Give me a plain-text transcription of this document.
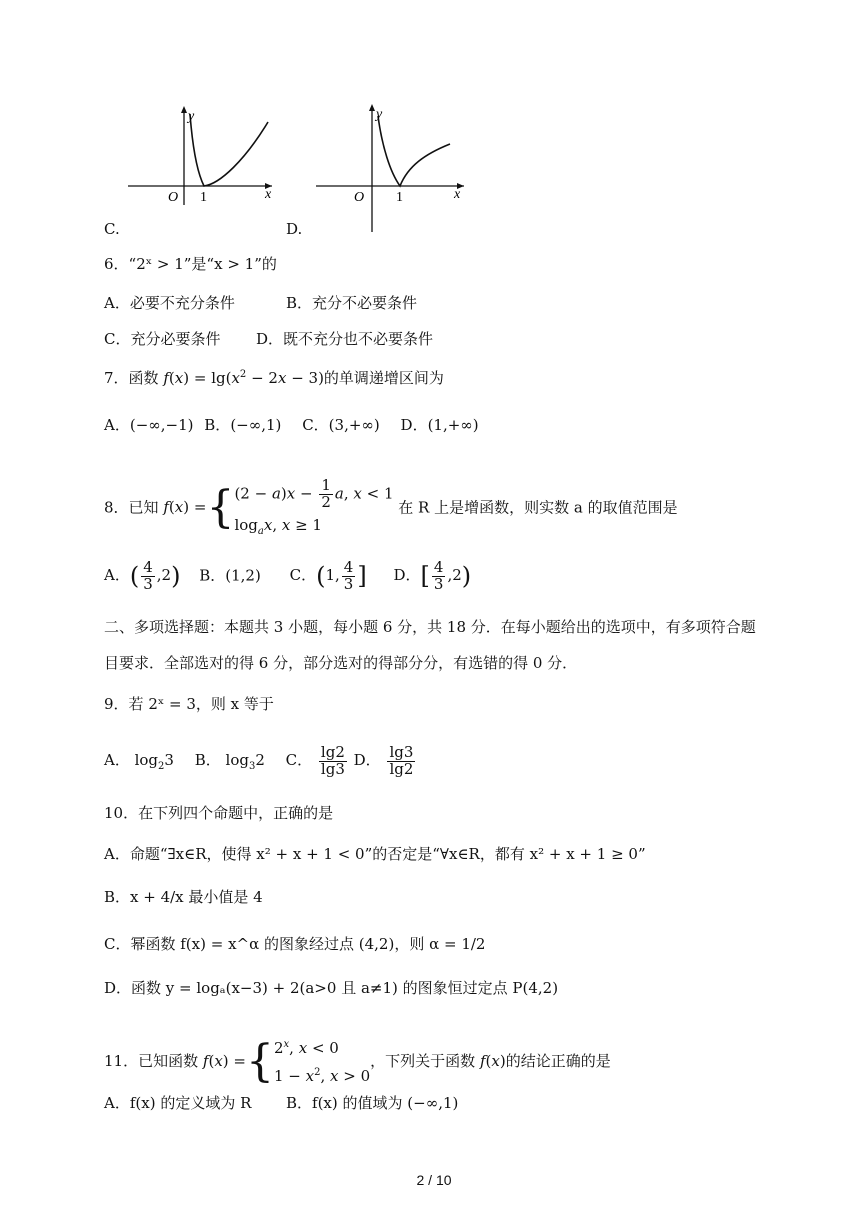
y
x
O 1
y
x
O 1
C.	D.
6．“2ˣ > 1”是“x > 1”的
A．必要不充分条件	B．充分不必要条件
C．充分必要条件 D．既不充分也不必要条件
7．函数 $f(x) = \lg(x^2 - 2x - 3)$的单调递增区间为
A．(−∞,−1) B．(−∞,1) C．(3,+∞) D．(1,+∞)
8．已知 f(x) ={ $(2 - a)x - \frac{1}{2} a$, x < 1
$\log_ax$, x ≥ 1
在 R 上是增函数，则实数 a 的取值范围是
A．( $\frac{4}{3} ,2$) B．(1,2) C．(1, $\frac{4}{3}$ ] D．[ $\frac{4}{3} ,2$)
二、多项选择题：本题共 3 小题，每小题 6 分，共 18 分．在每小题给出的选项中，有多项符合题
目要求．全部选对的得 6 分，部分选对的得部分分，有选错的得 0 分．
9．若 2ˣ = 3，则 x 等于
A． $\log_23$ B． $\log_32$ C． $\frac{\lg 2}{\lg 3}$ D． $\frac{\lg 3}{\lg 2}$
10．在下列四个命题中，正确的是
A．命题“∃x∈R，使得 x² + x + 1 < 0”的否定是“∀x∈R，都有 x² + x + 1 ≥ 0”
B．x + 4/x 最小值是 4
C．幂函数 f(x) = x^α 的图象经过点 (4,2)，则 α = 1/2
D．函数 y = logₐ(x−3) + 2(a>0 且 a≠1) 的图象恒过定点 P(4,2)
11．已知函数 f(x) ={ 2$^x$, x < 0
$1 - x^2$, x > 0
，下列关于函数 f(x)的结论正确的是
A．f(x) 的定义域为 R B．f(x) 的值域为 (−∞,1)
2 / 10
